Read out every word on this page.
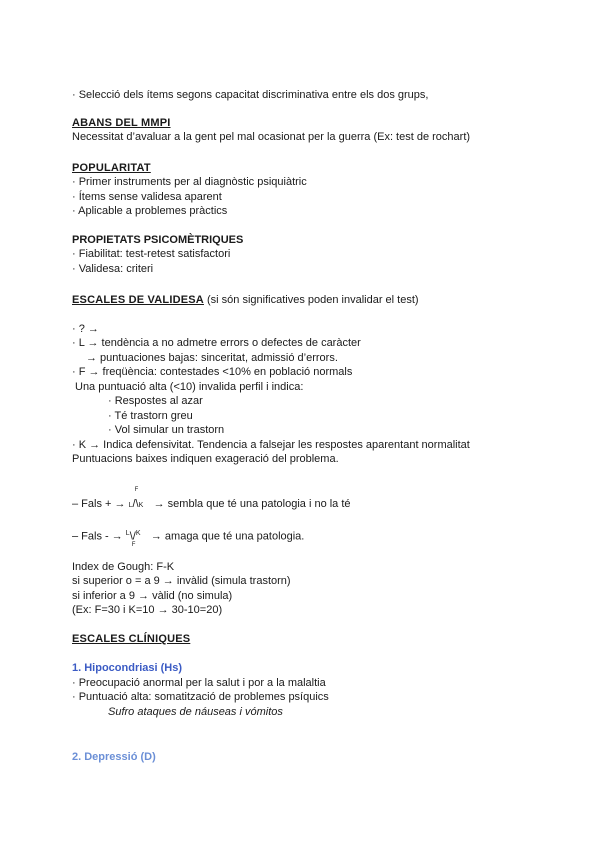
· Selecció dels ítems segons capacitat discriminativa entre els dos grups,
ABANS DEL MMPI
Necessitat d’avaluar a la gent pel mal ocasionat per la guerra (Ex: test de rochart)
POPULARITAT
· Primer instruments per al diagnòstic psiquiàtric
· Ítems sense validesa aparent
· Aplicable a problemes pràctics
PROPIETATS PSICOMÈTRIQUES
· Fiabilitat: test-retest satisfactori
· Validesa: criteri
ESCALES DE VALIDESA (si són significatives poden invalidar el test)
· ? →
· L → tendència a no admetre errors o defectes de caràcter
→ puntuaciones bajas: sinceritat, admissió d’errors.
· F → freqüència: contestades <10% en població normals
Una puntuació alta (<10) invalida perfil i indica:
· Respostes al azar
· Té trastorn greu
· Vol simular un trastorn
· K → Indica defensivitat. Tendencia a falsejar les respostes aparentant normalitat
Puntuacions baixes indiquen exageració del problema.
– Fals + →
F
L/\K → sembla que té una patologia i no la té
– Fals - → $^L$\/$^K$
F
→ amaga que té una patologia.
Index de Gough: F-K
si superior o = a 9 → invàlid (simula trastorn)
si inferior a 9 → vàlid (no simula)
(Ex: F=30 i K=10 → 30-10=20)
ESCALES CLÍNIQUES
1. Hipocondriasi (Hs)
· Preocupació anormal per la salut i por a la malaltia
· Puntuació alta: somatització de problemes psíquics
Sufro ataques de náuseas i vómitos
2. Depressió (D)
